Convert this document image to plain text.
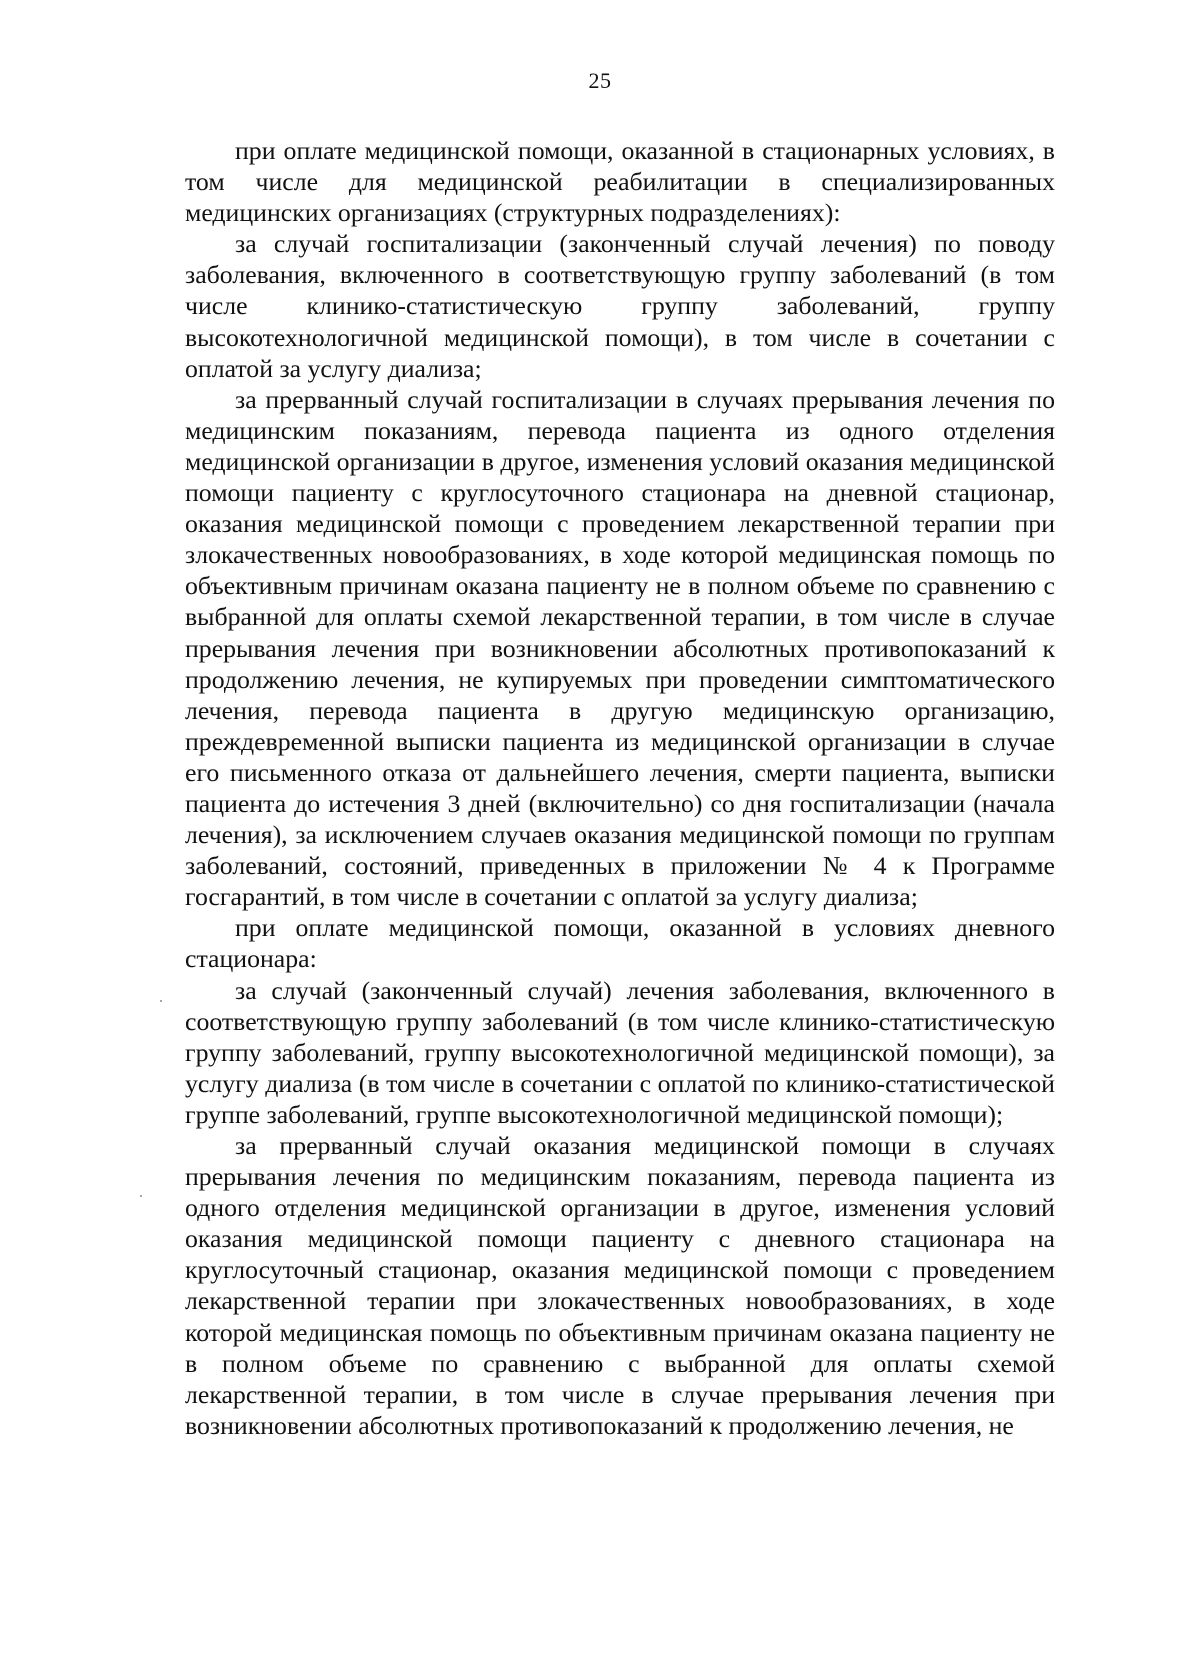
25

при оплате медицинской помощи, оказанной в стационарных условиях, в том числе для медицинской реабилитации в специализированных медицинских организациях (структурных подразделениях):

за случай госпитализации (законченный случай лечения) по поводу заболевания, включенного в соответствующую группу заболеваний (в том числе клинико-статистическую группу заболеваний, группу высокотехнологичной медицинской помощи), в том числе в сочетании с оплатой за услугу диализа;

за прерванный случай госпитализации в случаях прерывания лечения по медицинским показаниям, перевода пациента из одного отделения медицинской организации в другое, изменения условий оказания медицинской помощи пациенту с круглосуточного стационара на дневной стационар, оказания медицинской помощи с проведением лекарственной терапии при злокачественных новообразованиях, в ходе которой медицинская помощь по объективным причинам оказана пациенту не в полном объеме по сравнению с выбранной для оплаты схемой лекарственной терапии, в том числе в случае прерывания лечения при возникновении абсолютных противопоказаний к продолжению лечения, не купируемых при проведении симптоматического лечения, перевода пациента в другую медицинскую организацию, преждевременной выписки пациента из медицинской организации в случае его письменного отказа от дальнейшего лечения, смерти пациента, выписки пациента до истечения 3 дней (включительно) со дня госпитализации (начала лечения), за исключением случаев оказания медицинской помощи по группам заболеваний, состояний, приведенных в приложении № 4 к Программе госгарантий, в том числе в сочетании с оплатой за услугу диализа;

при оплате медицинской помощи, оказанной в условиях дневного стационара:

за случай (законченный случай) лечения заболевания, включенного в соответствующую группу заболеваний (в том числе клинико-статистическую группу заболеваний, группу высокотехнологичной медицинской помощи), за услугу диализа (в том числе в сочетании с оплатой по клинико-статистической группе заболеваний, группе высокотехнологичной медицинской помощи);

за прерванный случай оказания медицинской помощи в случаях прерывания лечения по медицинским показаниям, перевода пациента из одного отделения медицинской организации в другое, изменения условий оказания медицинской помощи пациенту с дневного стационара на круглосуточный стационар, оказания медицинской помощи с проведением лекарственной терапии при злокачественных новообразованиях, в ходе которой медицинская помощь по объективным причинам оказана пациенту не в полном объеме по сравнению с выбранной для оплаты схемой лекарственной терапии, в том числе в случае прерывания лечения при возникновении абсолютных противопоказаний к продолжению лечения, не
